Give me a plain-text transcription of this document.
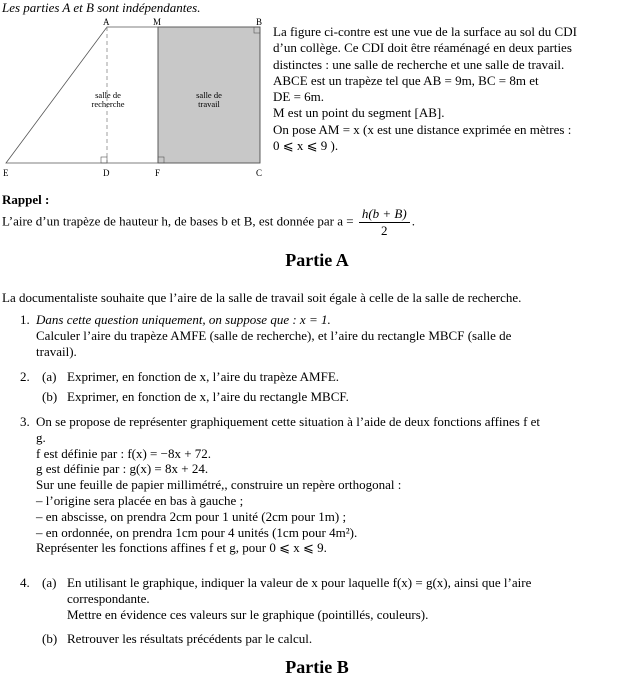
Les parties A et B sont indépendantes.
A	M	B
E	D	F	C
salle de
recherche
salle de
travail
La figure ci-contre est une vue de la surface au sol du CDI
d’un collège. Ce CDI doit être réaménagé en deux parties
distinctes : une salle de recherche et une salle de travail.
ABCE est un trapèze tel que AB = 9m, BC = 8m et
DE = 6m.
M est un point du segment [AB].
On pose AM = x (x est une distance exprimée en mètres :
0 ⩽ x ⩽ 9 ).
Rappel :
L’aire d’un trapèze de hauteur h, de bases b et B, est donnée par $a = \frac{h(b + B)}{2}$ .
Partie A
La documentaliste souhaite que l’aire de la salle de travail soit égale à celle de la salle de recherche.
1. Dans cette question uniquement, on suppose que : x = 1.
Calculer l’aire du trapèze AMFE (salle de recherche), et l’aire du rectangle MBCF (salle de
travail).
2. (a) Exprimer, en fonction de x, l’aire du trapèze AMFE.
(b) Exprimer, en fonction de x, l’aire du rectangle MBCF.
3. On se propose de représenter graphiquement cette situation à l’aide de deux fonctions affines f et
g.
f est définie par : f(x) = −8x + 72.
g est définie par : g(x) = 8x + 24.
Sur une feuille de papier millimétré,, construire un repère orthogonal :
– l’origine sera placée en bas à gauche ;
– en abscisse, on prendra 2cm pour 1 unité (2cm pour 1m) ;
– en ordonnée, on prendra 1cm pour 4 unités (1cm pour 4m²).
Représenter les fonctions affines f et g, pour 0 ⩽ x ⩽ 9.
4. (a) En utilisant le graphique, indiquer la valeur de x pour laquelle f(x) = g(x), ainsi que l’aire
correspondante.
Mettre en évidence ces valeurs sur le graphique (pointillés, couleurs).
(b) Retrouver les résultats précédents par le calcul.
Partie B
